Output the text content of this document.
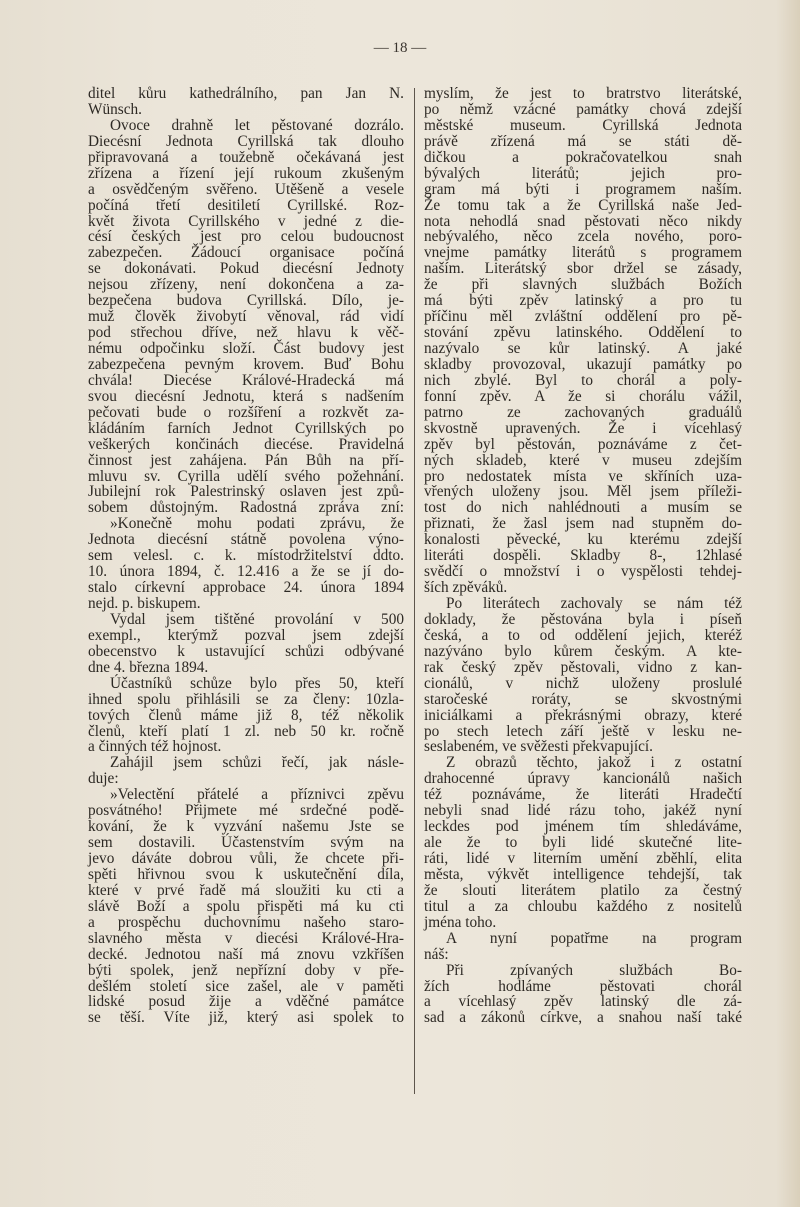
— 18 —
ditel kůru kathedrálního, pan Jan N.
Wünsch.
Ovoce drahně let pěstované dozrálo.
Diecésní Jednota Cyrillská tak dlouho
připravovaná a toužebně očekávaná jest
zřízena a řízení její rukoum zkušeným
a osvědčeným svěřeno. Utěšeně a vesele
počíná třetí desitiletí Cyrillské. Roz-
květ života Cyrillského v jedné z die-
césí českých jest pro celou budoucnost
zabezpečen. Žádoucí organisace počíná
se dokonávati. Pokud diecésní Jednoty
nejsou zřízeny, není dokončena a za-
bezpečena budova Cyrillská. Dílo, je-
muž člověk živobytí věnoval, rád vidí
pod střechou dříve, než hlavu k věč-
nému odpočinku složí. Část budovy jest
zabezpečena pevným krovem. Buď Bohu
chvála! Diecése Králové-Hradecká má
svou diecésní Jednotu, která s nadšením
pečovati bude o rozšíření a rozkvět za-
kládáním farních Jednot Cyrillských po
veškerých končinách diecése. Pravidelná
činnost jest zahájena. Pán Bůh na pří-
mluvu sv. Cyrilla udělí svého požehnání.
Jubilejní rok Palestrinský oslaven jest způ-
sobem důstojným. Radostná zpráva zní:
»Konečně mohu podati zprávu, že
Jednota diecésní státně povolena výno-
sem velesl. c. k. místodržitelství ddto.
10. února 1894, č. 12.416 a že se jí do-
stalo církevní approbace 24. února 1894
nejd. p. biskupem.
Vydal jsem tištěné provolání v 500
exempl., kterýmž pozval jsem zdejší
obecenstvo k ustavující schůzi odbývané
dne 4. března 1894.
Účastníků schůze bylo přes 50, kteří
ihned spolu přihlásili se za členy: 10zla-
tových členů máme již 8, též několik
členů, kteří platí 1 zl. neb 50 kr. ročně
a činných též hojnost.
Zahájil jsem schůzi řečí, jak násle-
duje:
»Velectění přátelé a příznivci zpěvu
posvátného! Přijmete mé srdečné podě-
kování, že k vyzvání našemu Jste se
sem dostavili. Účastenstvím svým na
jevo dáváte dobrou vůli, že chcete při-
spěti hřivnou svou k uskutečnění díla,
které v prvé řadě má sloužiti ku cti a
slávě Boží a spolu přispěti má ku cti
a prospěchu duchovnímu našeho staro-
slavného města v diecési Králové-Hra-
decké. Jednotou naší má znovu vzkříšen
býti spolek, jenž nepřízní doby v pře-
dešlém století sice zašel, ale v paměti
lidské posud žije a vděčné památce
se těší. Víte již, který asi spolek to
myslím, že jest to bratrstvo literátské,
po němž vzácné památky chová zdejší
městské museum. Cyrillská Jednota
právě zřízená má se státi dě-
dičkou a pokračovatelkou snah
bývalých literátů; jejich pro-
gram má býti i programem naším.
Že tomu tak a že Cyrillská naše Jed-
nota nehodlá snad pěstovati něco nikdy
nebývalého, něco zcela nového, poro-
vnejme památky literátů s programem
naším. Literátský sbor držel se zásady,
že při slavných službách Božích
má býti zpěv latinský a pro tu
příčinu měl zvláštní oddělení pro pě-
stování zpěvu latinského. Oddělení to
nazývalo se kůr latinský. A jaké
skladby provozoval, ukazují památky po
nich zbylé. Byl to chorál a poly-
fonní zpěv. A že si chorálu vážil,
patrno ze zachovaných graduálů
skvostně upravených. Že i vícehlasý
zpěv byl pěstován, poznáváme z čet-
ných skladeb, které v museu zdejším
pro nedostatek místa ve skříních uza-
vřených uloženy jsou. Měl jsem příleži-
tost do nich nahlédnouti a musím se
přiznati, že žasl jsem nad stupněm do-
konalosti pěvecké, ku kterému zdejší
literáti dospěli. Skladby 8-, 12hlasé
svědčí o množství i o vyspělosti tehdej-
ších zpěváků.
Po literátech zachovaly se nám též
doklady, že pěstována byla i píseň
česká, a to od oddělení jejich, kteréž
nazýváno bylo kůrem českým. A kte-
rak český zpěv pěstovali, vidno z kan-
cionálů, v nichž uloženy proslulé
staročeské roráty, se skvostnými
iniciálkami a překrásnými obrazy, které
po stech letech září ještě v lesku ne-
seslabeném, ve svěžesti překvapující.
Z obrazů těchto, jakož i z ostatní
drahocenné úpravy kancionálů našich
též poznáváme, že literáti Hradečtí
nebyli snad lidé rázu toho, jakéž nyní
leckdes pod jménem tím shledáváme,
ale že to byli lidé skutečné lite-
ráti, lidé v literním umění zběhlí, elita
města, výkvět intelligence tehdejší, tak
že slouti literátem platilo za čestný
titul a za chloubu každého z nositelů
jména toho.
A nyní popatřme na program
náš:
Při zpívaných službách Bo-
žích hodláme pěstovati chorál
a vícehlasý zpěv latinský dle zá-
sad a zákonů církve, a snahou naší také
